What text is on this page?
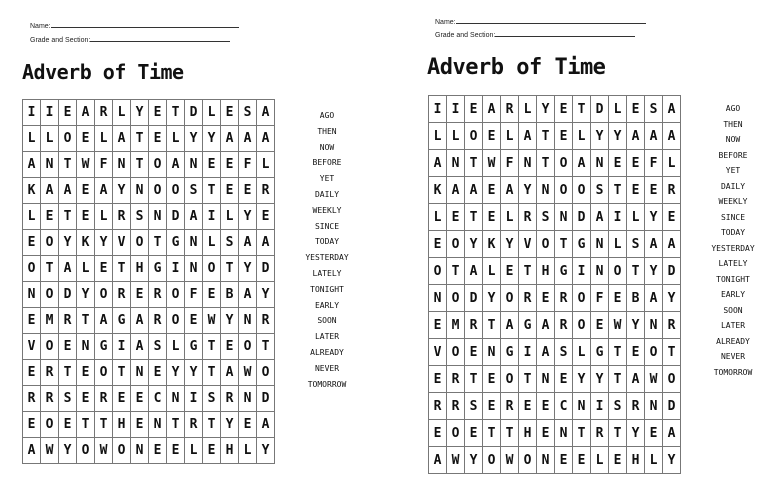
Name:
Grade and Section:
Adverb of Time
I I E A R L Y E T D L E S A
L L O E L A T E L Y Y A A A
A N T W F N T O A N E E F L
K A A E A Y N O O S T E E R
L E T E L R S N D A I L Y E
E O Y K Y V O T G N L S A A
O T A L E T H G I N O T Y D
N O D Y O R E R O F E B A Y
E M R T A G A R O E W Y N R
V O E N G I A S L G T E O T
E R T E O T N E Y Y T A W O
R R S E R E E C N I S R N D
E O E T T H E N T R T Y E A
A W Y O W O N E E L E H L Y
AGO
THEN
NOW
BEFORE
YET
DAILY
WEEKLY
SINCE
TODAY
YESTERDAY
LATELY
TONIGHT
EARLY
SOON
LATER
ALREADY
NEVER
TOMORROW
Name:
Grade and Section:
Adverb of Time
I I E A R L Y E T D L E S A
L L O E L A T E L Y Y A A A
A N T W F N T O A N E E F L
K A A E A Y N O O S T E E R
L E T E L R S N D A I L Y E
E O Y K Y V O T G N L S A A
O T A L E T H G I N O T Y D
N O D Y O R E R O F E B A Y
E M R T A G A R O E W Y N R
V O E N G I A S L G T E O T
E R T E O T N E Y Y T A W O
R R S E R E E C N I S R N D
E O E T T H E N T R T Y E A
A W Y O W O N E E L E H L Y
AGO
THEN
NOW
BEFORE
YET
DAILY
WEEKLY
SINCE
TODAY
YESTERDAY
LATELY
TONIGHT
EARLY
SOON
LATER
ALREADY
NEVER
TOMORROW
